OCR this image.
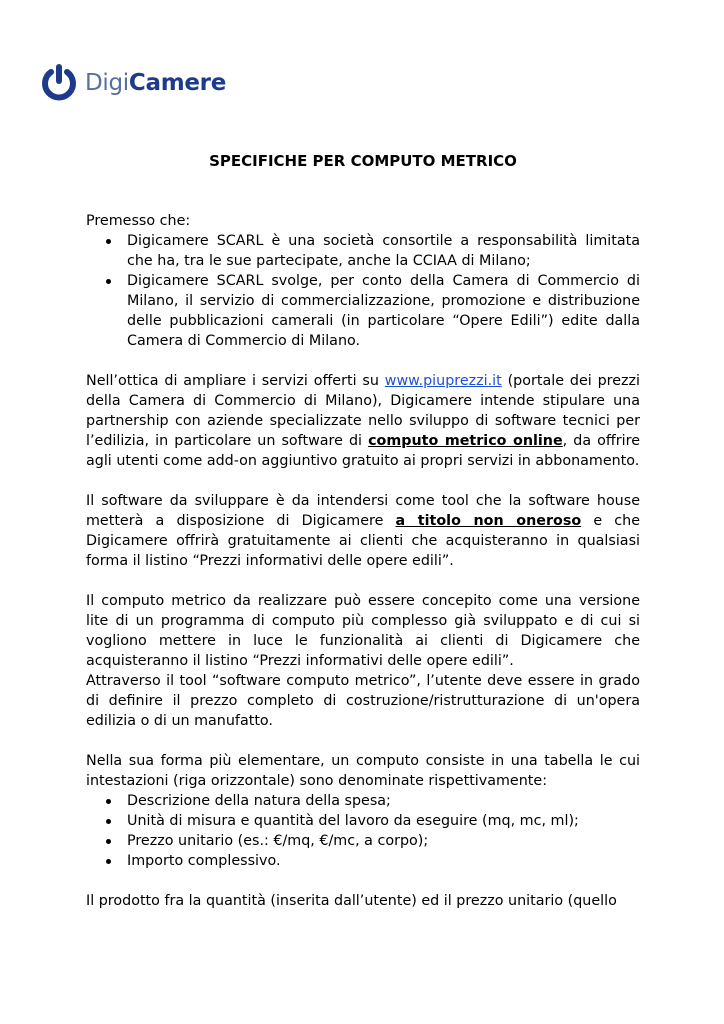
DigiCamere
SPECIFICHE PER COMPUTO METRICO

Premesso che:

Digicamere SCARL è una società consortile a responsabilità limitata che ha, tra le sue partecipate, anche la CCIAA di Milano;
Digicamere SCARL svolge, per conto della Camera di Commercio di Milano, il servizio di commercializzazione, promozione e distribuzione delle pubblicazioni camerali (in particolare “Opere Edili”) edite dalla Camera di Commercio di Milano.

Nell’ottica di ampliare i servizi offerti su www.piuprezzi.it (portale dei prezzi della Camera di Commercio di Milano), Digicamere intende stipulare una partnership con aziende specializzate nello sviluppo di software tecnici per l’edilizia, in particolare un software di computo metrico online, da offrire agli utenti come add-on aggiuntivo gratuito ai propri servizi in abbonamento.

Il software da sviluppare è da intendersi come tool che la software house metterà a disposizione di Digicamere a titolo non oneroso e che Digicamere offrirà gratuitamente ai clienti che acquisteranno in qualsiasi forma il listino “Prezzi informativi delle opere edili”.

Il computo metrico da realizzare può essere concepito come una versione lite di un programma di computo più complesso già sviluppato e di cui si vogliono mettere in luce le funzionalità ai clienti di Digicamere che acquisteranno il listino “Prezzi informativi delle opere edili”.

Attraverso il tool “software computo metrico”, l’utente deve essere in grado di definire il prezzo completo di costruzione/ristrutturazione di un'opera edilizia o di un manufatto.

Nella sua forma più elementare, un computo consiste in una tabella le cui intestazioni (riga orizzontale) sono denominate rispettivamente:

Descrizione della natura della spesa;
Unità di misura e quantità del lavoro da eseguire (mq, mc, ml);
Prezzo unitario (es.: €/mq, €/mc, a corpo);
Importo complessivo.

Il prodotto fra la quantità (inserita dall’utente) ed il prezzo unitario (quello
